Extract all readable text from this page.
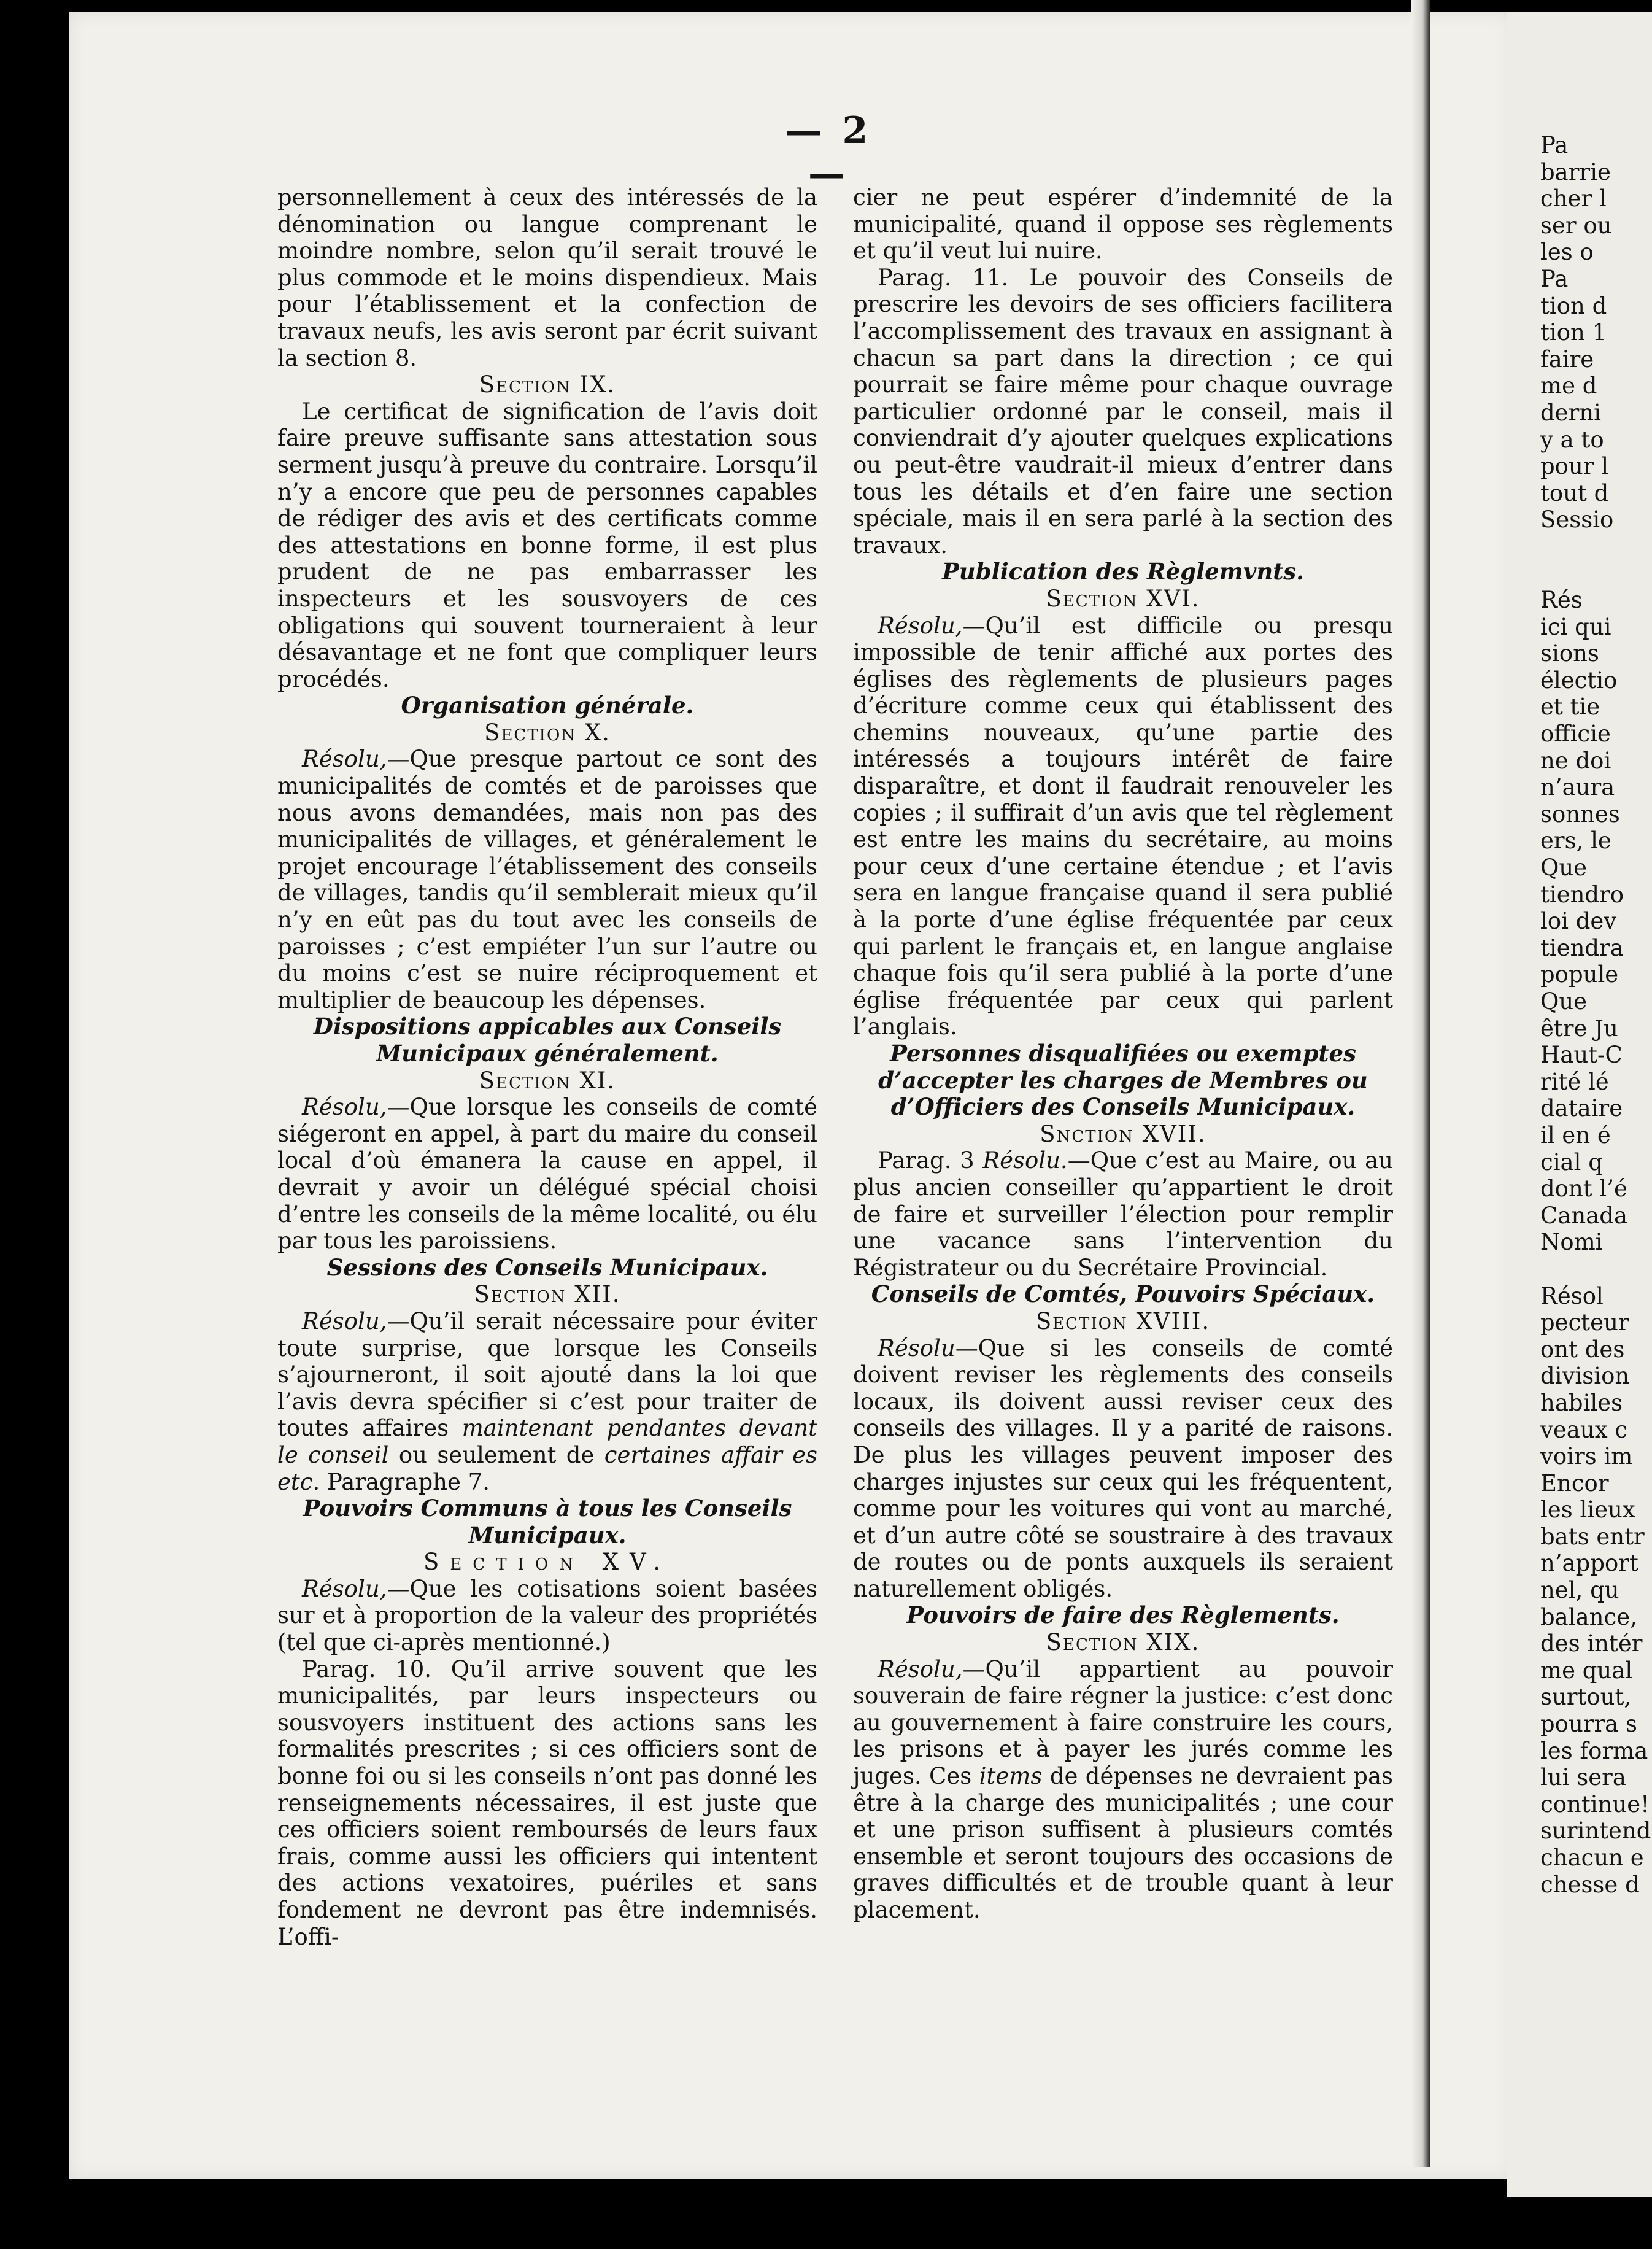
— 2 —

personnellement à ceux des intéressés de la dénomination ou langue comprenant le moindre nombre, selon qu’il serait trouvé le plus commode et le moins dispendieux. Mais pour l’établissement et la confection de travaux neufs, les avis seront par écrit suivant la section 8.

Section IX.

Le certificat de signification de l’avis doit faire preuve suffisante sans attestation sous serment jusqu’à preuve du contraire. Lorsqu’il n’y a encore que peu de personnes capables de rédiger des avis et des certificats comme des attestations en bonne forme, il est plus prudent de ne pas embarrasser les inspecteurs et les sousvoyers de ces obligations qui souvent tourneraient à leur désavantage et ne font que compliquer leurs procédés.

Organisation générale.

Section X.

Résolu,—Que presque partout ce sont des municipalités de comtés et de paroisses que nous avons demandées, mais non pas des municipalités de villages, et généralement le projet encourage l’établissement des conseils de villages, tandis qu’il semblerait mieux qu’il n’y en eût pas du tout avec les conseils de paroisses ; c’est empiéter l’un sur l’autre ou du moins c’est se nuire réciproquement et multiplier de beaucoup les dépenses.

Dispositions appicables aux Conseils Municipaux généralement.

Section XI.

Résolu,—Que lorsque les conseils de comté siégeront en appel, à part du maire du conseil local d’où émanera la cause en appel, il devrait y avoir un délégué spécial choisi d’entre les conseils de la même localité, ou élu par tous les paroissiens.

Sessions des Conseils Municipaux.

Section XII.

Résolu,—Qu’il serait nécessaire pour éviter toute surprise, que lorsque les Conseils s’ajourneront, il soit ajouté dans la loi que l’avis devra spécifier si c’est pour traiter de toutes affaires maintenant pendantes devant le conseil ou seulement de certaines affair es etc. Paragraphe 7.

Pouvoirs Communs à tous les Conseils Municipaux.

Section XV.

Résolu,—Que les cotisations soient basées sur et à proportion de la valeur des propriétés (tel que ci-après mentionné.)

Parag. 10. Qu’il arrive souvent que les municipalités, par leurs inspecteurs ou sousvoyers instituent des actions sans les formalités prescrites ; si ces officiers sont de bonne foi ou si les conseils n’ont pas donné les renseignements nécessaires, il est juste que ces officiers soient remboursés de leurs faux frais, comme aussi les officiers qui intentent des actions vexatoires, puériles et sans fondement ne devront pas être indemnisés. L’offi-

cier ne peut espérer d’indemnité de la municipalité, quand il oppose ses règlements et qu’il veut lui nuire.

Parag. 11. Le pouvoir des Conseils de prescrire les devoirs de ses officiers facilitera l’accomplissement des travaux en assignant à chacun sa part dans la direction ; ce qui pourrait se faire même pour chaque ouvrage particulier ordonné par le conseil, mais il conviendrait d’y ajouter quelques explications ou peut-être vaudrait-il mieux d’entrer dans tous les détails et d’en faire une section spéciale, mais il en sera parlé à la section des travaux.

Publication des Règlemvnts.

Section XVI.

Résolu,—Qu’il est difficile ou presqu impossible de tenir affiché aux portes des églises des règlements de plusieurs pages d’écriture comme ceux qui établissent des chemins nouveaux, qu’une partie des intéressés a toujours intérêt de faire disparaître, et dont il faudrait renouveler les copies ; il suffirait d’un avis que tel règlement est entre les mains du secrétaire, au moins pour ceux d’une certaine étendue ; et l’avis sera en langue française quand il sera publié à la porte d’une église fréquentée par ceux qui parlent le français et, en langue anglaise chaque fois qu’il sera publié à la porte d’une église fréquentée par ceux qui parlent l’anglais.

Personnes disqualifiées ou exemptes d’accepter les charges de Membres ou d’Officiers des Conseils Municipaux.

Snction XVII.

Parag. 3 Résolu.—Que c’est au Maire, ou au plus ancien conseiller qu’appartient le droit de faire et surveiller l’élection pour remplir une vacance sans l’intervention du Régistrateur ou du Secrétaire Provincial.

Conseils de Comtés, Pouvoirs Spéciaux.

Section XVIII.

Résolu—Que si les conseils de comté doivent reviser les règlements des conseils locaux, ils doivent aussi reviser ceux des conseils des villages. Il y a parité de raisons. De plus les villages peuvent imposer des charges injustes sur ceux qui les fréquentent, comme pour les voitures qui vont au marché, et d’un autre côté se soustraire à des travaux de routes ou de ponts auxquels ils seraient naturellement obligés.

Pouvoirs de faire des Règlements.

Section XIX.

Résolu,—Qu’il appartient au pouvoir souverain de faire régner la justice: c’est donc au gouvernement à faire construire les cours, les prisons et à payer les jurés comme les juges. Ces items de dépenses ne devraient pas être à la charge des municipalités ; une cour et une prison suffisent à plusieurs comtés ensemble et seront toujours des occasions de graves difficultés et de trouble quant à leur placement.

Pa

barrie

cher l

ser ou

les o

Pa

tion d

tion 1

faire

me d

derni

y a to

pour l

tout d

Sessio

Rés

ici qui

sions

électio

et tie

officie

ne doi

n’aura

sonnes

ers, le

Que

tiendro

loi dev

tiendra

popule

Que

être Ju

Haut-C

rité lé

dataire

il en é

cial q

dont l’é

Canada

Nomi

Résol

pecteur

ont des

division

habiles

veaux c

voirs im

Encor

les lieux

bats entr

n’apport

nel, qu

balance,

des intér

me qual

surtout,

pourra s

les forma

lui sera

continue!

surintend

chacun e

chesse d
